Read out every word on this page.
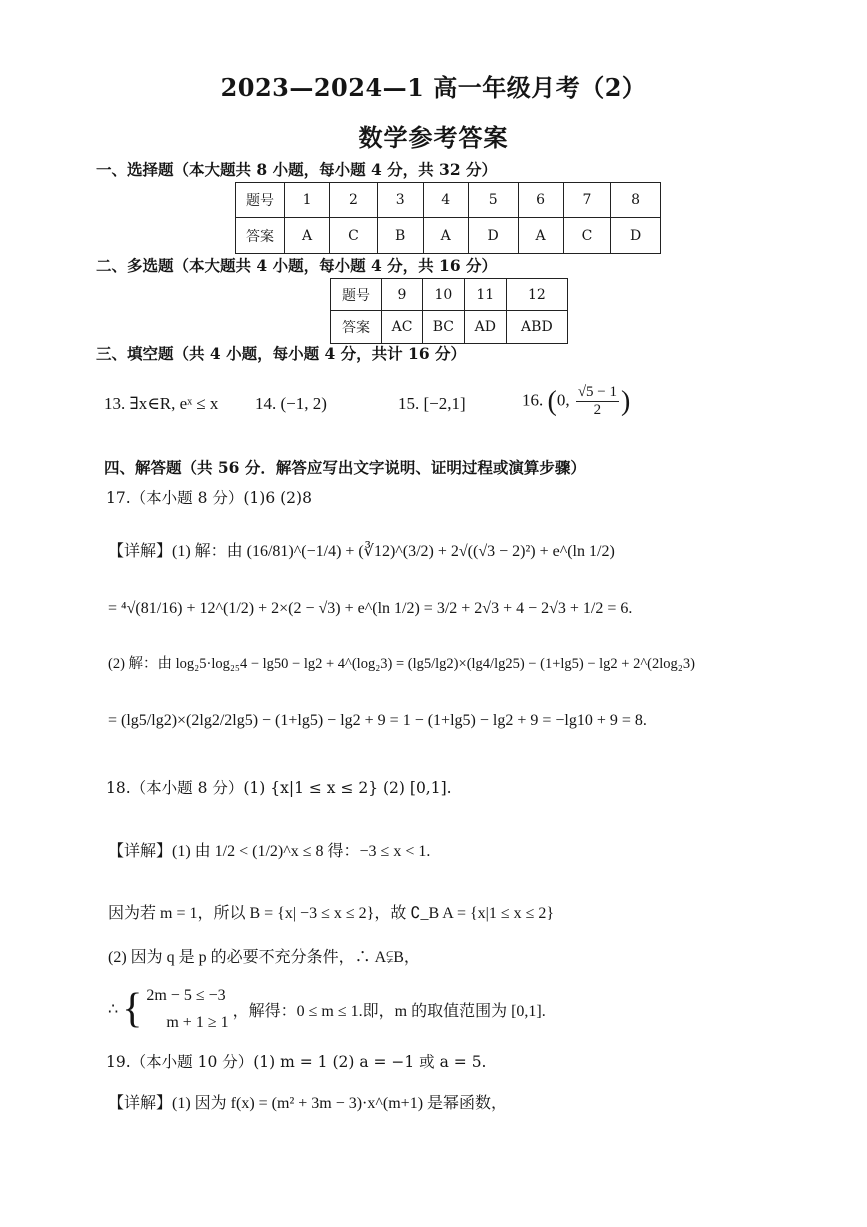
2023—2024—1 高一年级月考（2）
数学参考答案
一、选择题（本大题共 8 小题，每小题 4 分，共 32 分）
题号	1	2	3	4	5	6	7	8
答案	A	C	B	A	D	A	C	D
二、多选题（本大题共 4 小题，每小题 4 分，共 16 分）
题号	9	10	11	12
答案	AC	BC	AD	ABD
三、填空题（共 4 小题，每小题 4 分，共计 16 分）
13. ∃x∈R, eˣ ≤ x 14. (−1, 2)	15. [−2,1]	16. (0, $\frac{√5 - 1}{2}$ )
四、解答题（共 56 分．解答应写出文字说明、证明过程或演算步骤）
17.（本小题 8 分）(1)6 (2)8
【详解】(1) 解：由 (16/81)^(−1/4) + (∛12)^(3/2) + 2√((√3 − 2)²) + e^(ln 1/2)
= ⁴√(81/16) + 12^(1/2) + 2×(2 − √3) + e^(ln 1/2) = 3/2 + 2√3 + 4 − 2√3 + 1/2 = 6.
(2) 解：由 log₂5·log₂₅4 − lg50 − lg2 + 4^(log₂3) = (lg5/lg2)×(lg4/lg25) − (1+lg5) − lg2 + 2^(2log₂3)
= (lg5/lg2)×(2lg2/2lg5) − (1+lg5) − lg2 + 9 = 1 − (1+lg5) − lg2 + 9 = −lg10 + 9 = 8.
18.（本小题 8 分）(1) {x|1 ≤ x ≤ 2} (2) [0,1].
【详解】(1) 由 1/2 < (1/2)^x ≤ 8 得：−3 ≤ x < 1.
因为若 m = 1，所以 B = {x| −3 ≤ x ≤ 2}，故 ∁_B A = {x|1 ≤ x ≤ 2}
(2) 因为 q 是 p 的必要不充分条件，∴ A⫋B，
∴ { 2m − 5 ≤ −3
m + 1 ≥ 1
，解得：0 ≤ m ≤ 1.即，m 的取值范围为 [0,1].
19.（本小题 10 分）(1) m = 1 (2) a = −1 或 a = 5.
【详解】(1) 因为 f(x) = (m² + 3m − 3)·x^(m+1) 是幂函数，
